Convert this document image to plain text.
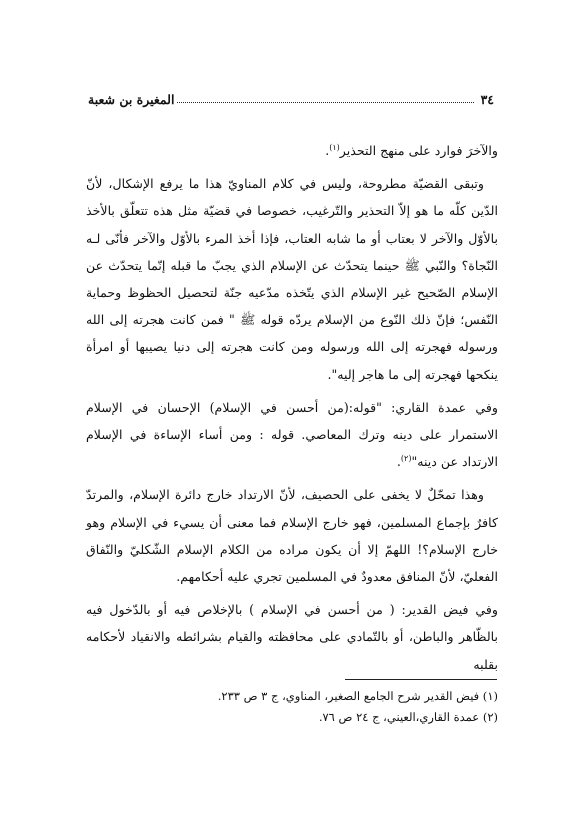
٣٤
المغيرة بن شعبة

والآخرَ فوارد على منهج التحذير$^{(١)}$.

وتبقى القضيّة مطروحة، وليس في كلام المناويّ هذا ما يرفع الإشكال، لأنّ الدّين كلّه ما هو إلاّ التحذير والتّرغيب، خصوصا في قضيّة مثل هذه تتعلّق بالأخذ بالأوّل والآخر لا بعتاب أو ما شابه العتاب، فإذا أخذ المرء بالأوّل والآخر فأنّى لـه النّجاة؟ والنّبي ﷺ حينما يتحدّث عن الإسلام الذي يجبّ ما قبله إنّما يتحدّث عن الإسلام الصّحيح غير الإسلام الذي يتّخذه مدّعيه جنّة لتحصيل الحظوظ وحماية النّفس؛ فإنّ ذلك النّوع من الإسلام يردّه قوله ﷺ " فمن كانت هجرته إلى الله ورسوله فهجرته إلى الله ورسوله ومن كانت هجرته إلى دنيا يصيبها أو امرأة ينكحها فهجرته إلى ما هاجر إليه".

وفي عمدة القاري: "قوله:(من أحسن في الإسلام) الإحسان في الإسلام الاستمرار على دينه وترك المعاصي. قوله : ومن أساء الإساءة في الإسلام الارتداد عن دينه"$^{(٢)}$.

وهذا تمحّلٌ لا يخفى على الحصيف، لأنّ الارتداد خارج دائرة الإسلام، والمرتدّ كافرٌ بإجماع المسلمين، فهو خارج الإسلام فما معنى أن يسيء في الإسلام وهو خارج الإسلام؟! اللهمّ إلا أن يكون مراده من الكلام الإسلام الشّكليّ والنّفاق الفعليّ، لأنّ المنافق معدودٌ في المسلمين تجري عليه أحكامهم.

وفي فيض القدير: ( من أحسن في الإسلام ) بالإخلاص فيه أو بالدّخول فيه بالظّاهر والباطن، أو بالتّمادي على محافظته والقيام بشرائطه والانقياد لأحكامه بقلبه

(١) فيض القدير شرح الجامع الصغير، المناوي، ج ٣ ص ٢٣٣.
(٢) عمدة القاري،العيني، ج ٢٤ ص ٧٦.
